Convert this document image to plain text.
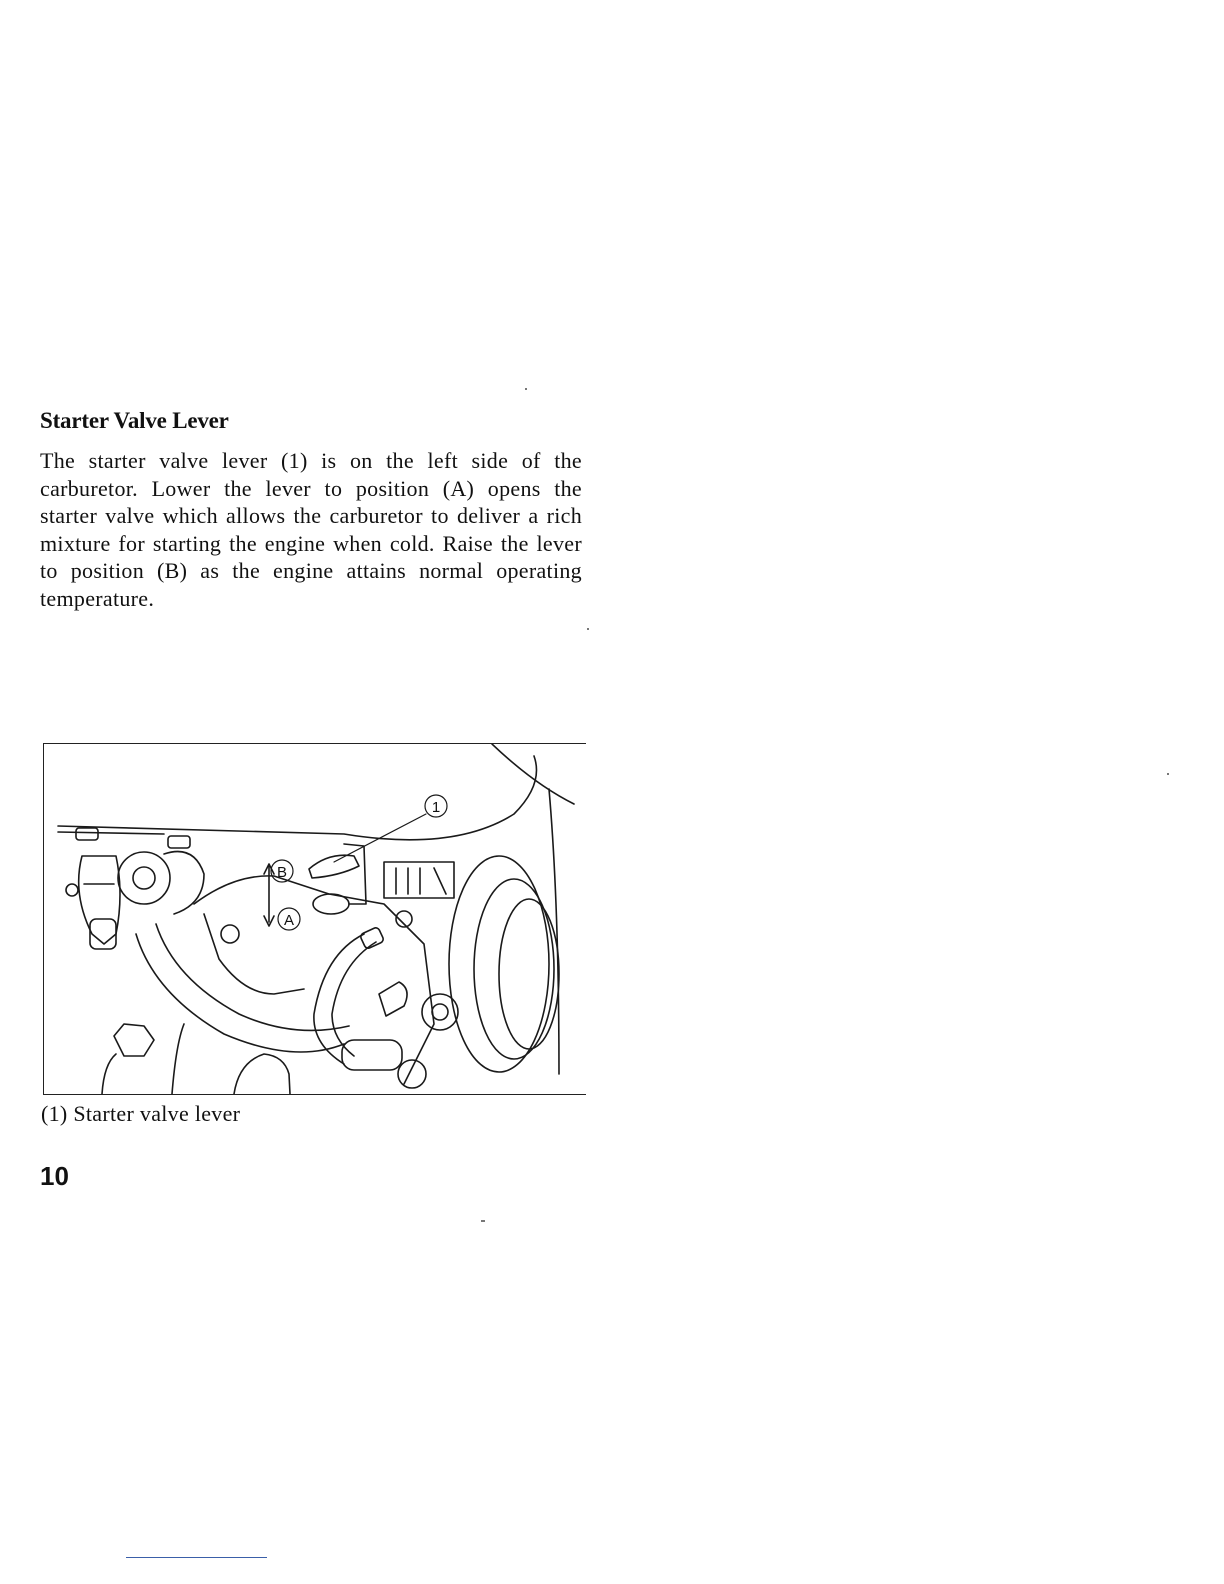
Starter Valve Lever
The starter valve lever (1) is on the left side of the carburetor. Lower the lever to position (A) opens the starter valve which allows the carburetor to deliver a rich mixture for starting the engine when cold. Raise the lever to position (B) as the engine attains normal operating temperature.
1
B
A
(1) Starter valve lever
10
